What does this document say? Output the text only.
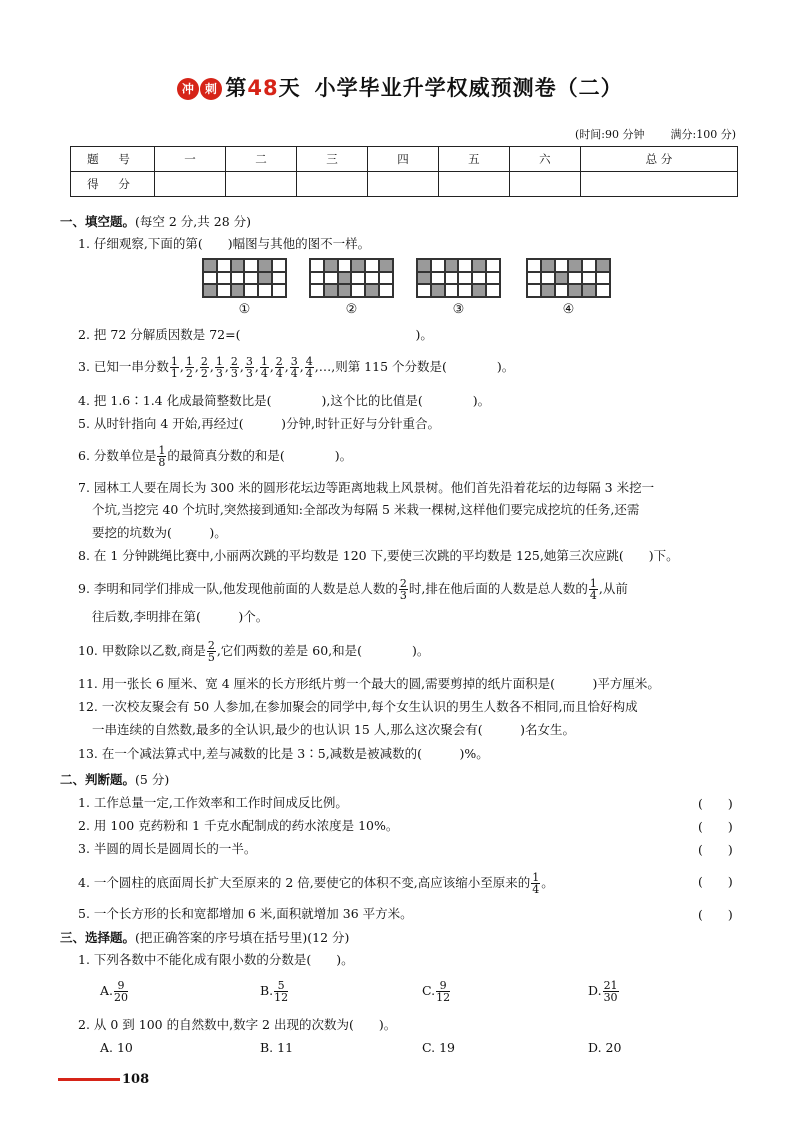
冲 刺 第48天 小学毕业升学权威预测卷（二）
(时间:90 分钟 满分:100 分)
题 号	一	二	三	四	五	六	总 分
得 分							
一、填空题。(每空 2 分,共 28 分)
1. 仔细观察,下面的第(　　)幅图与其他的图不一样。
①	②	③	④
2. 把 72 分解质因数是 72=(　　　　　　　　　　　　　　)。
3. 已知一串分数 $\frac{1}{1}$ , $\frac{1}{2}$ , $\frac{2}{2}$ , $\frac{1}{3}$ , $\frac{2}{3}$ , $\frac{3}{3}$ , $\frac{1}{4}$ , $\frac{2}{4}$ , $\frac{3}{4}$ , $\frac{4}{4}$ ,…,则第 115 个分数是(　　　　)。
4. 把 1.6∶1.4 化成最简整数比是(　　　　),这个比的比值是(　　　　)。
5. 从时针指向 4 开始,再经过(　　　)分钟,时针正好与分针重合。
6. 分数单位是 $\frac{1}{8}$ 的最简真分数的和是(　　　　)。
7. 园林工人要在周长为 300 米的圆形花坛边等距离地栽上风景树。他们首先沿着花坛的边每隔 3 米挖一
个坑,当挖完 40 个坑时,突然接到通知:全部改为每隔 5 米栽一棵树,这样他们要完成挖坑的任务,还需
要挖的坑数为(　　　)。
8. 在 1 分钟跳绳比赛中,小丽两次跳的平均数是 120 下,要使三次跳的平均数是 125,她第三次应跳(　　)下。
9. 李明和同学们排成一队,他发现他前面的人数是总人数的 $\frac{2}{3}$ 时,排在他后面的人数是总人数的 $\frac{1}{4}$ ,从前
往后数,李明排在第(　　　)个。
10. 甲数除以乙数,商是 $\frac{2}{5}$ ,它们两数的差是 60,和是(　　　　)。
11. 用一张长 6 厘米、宽 4 厘米的长方形纸片剪一个最大的圆,需要剪掉的纸片面积是(　　　)平方厘米。
12. 一次校友聚会有 50 人参加,在参加聚会的同学中,每个女生认识的男生人数各不相同,而且恰好构成
一串连续的自然数,最多的全认识,最少的也认识 15 人,那么这次聚会有(　　　)名女生。
13. 在一个减法算式中,差与减数的比是 3∶5,减数是被减数的(　　　)%。
二、判断题。(5 分)
1. 工作总量一定,工作效率和工作时间成反比例。	(　　)
2. 用 100 克药粉和 1 千克水配制成的药水浓度是 10%。	(　　)
3. 半圆的周长是圆周长的一半。	(　　)
4. 一个圆柱的底面周长扩大至原来的 2 倍,要使它的体积不变,高应该缩小至原来的 $\frac{1}{4}$ 。	(　　)
5. 一个长方形的长和宽都增加 6 米,面积就增加 36 平方米。	(　　)
三、选择题。(把正确答案的序号填在括号里)(12 分)
1. 下列各数中不能化成有限小数的分数是(　　)。
A. $\frac{9}{20}$	B. $\frac{5}{12}$	C. $\frac{9}{12}$	D. $\frac{21}{30}$
2. 从 0 到 100 的自然数中,数字 2 出现的次数为(　　)。
A. 10	B. 11	C. 19	D. 20
108
